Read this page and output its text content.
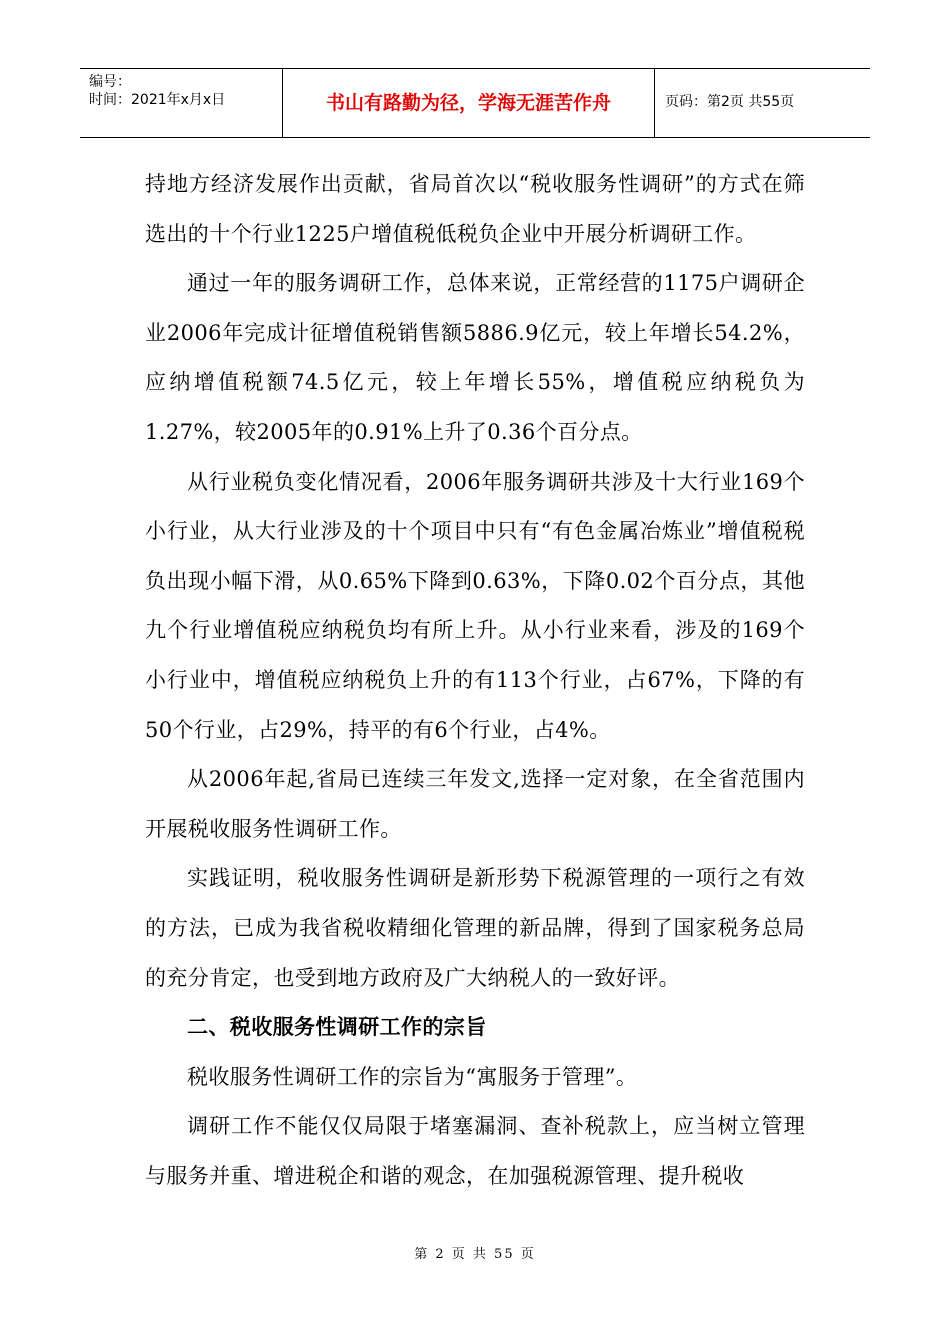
编号：
时间：2021年x月x日	书山有路勤为径，学海无涯苦作舟	页码：第2页 共55页

持地方经济发展作出贡献，省局首次以“税收服务性调研”的方式在筛选出的十个行业1225户增值税低税负企业中开展分析调研工作。

通过一年的服务调研工作，总体来说，正常经营的1175户调研企业2006年完成计征增值税销售额5886.9亿元，较上年增长54.2%，应纳增值税额74.5亿元，较上年增长55%，增值税应纳税负为1.27%，较2005年的0.91%上升了0.36个百分点。

从行业税负变化情况看，2006年服务调研共涉及十大行业169个小行业，从大行业涉及的十个项目中只有“有色金属冶炼业”增值税税负出现小幅下滑，从0.65%下降到0.63%，下降0.02个百分点，其他九个行业增值税应纳税负均有所上升。从小行业来看，涉及的169个小行业中，增值税应纳税负上升的有113个行业，占67%，下降的有50个行业，占29%，持平的有6个行业，占4%。

从2006年起,省局已连续三年发文,选择一定对象，在全省范围内开展税收服务性调研工作。

实践证明，税收服务性调研是新形势下税源管理的一项行之有效的方法，已成为我省税收精细化管理的新品牌，得到了国家税务总局的充分肯定，也受到地方政府及广大纳税人的一致好评。

二、税收服务性调研工作的宗旨

税收服务性调研工作的宗旨为“寓服务于管理”。

调研工作不能仅仅局限于堵塞漏洞、查补税款上，应当树立管理与服务并重、增进税企和谐的观念，在加强税源管理、提升税收

第 2 页 共 55 页
